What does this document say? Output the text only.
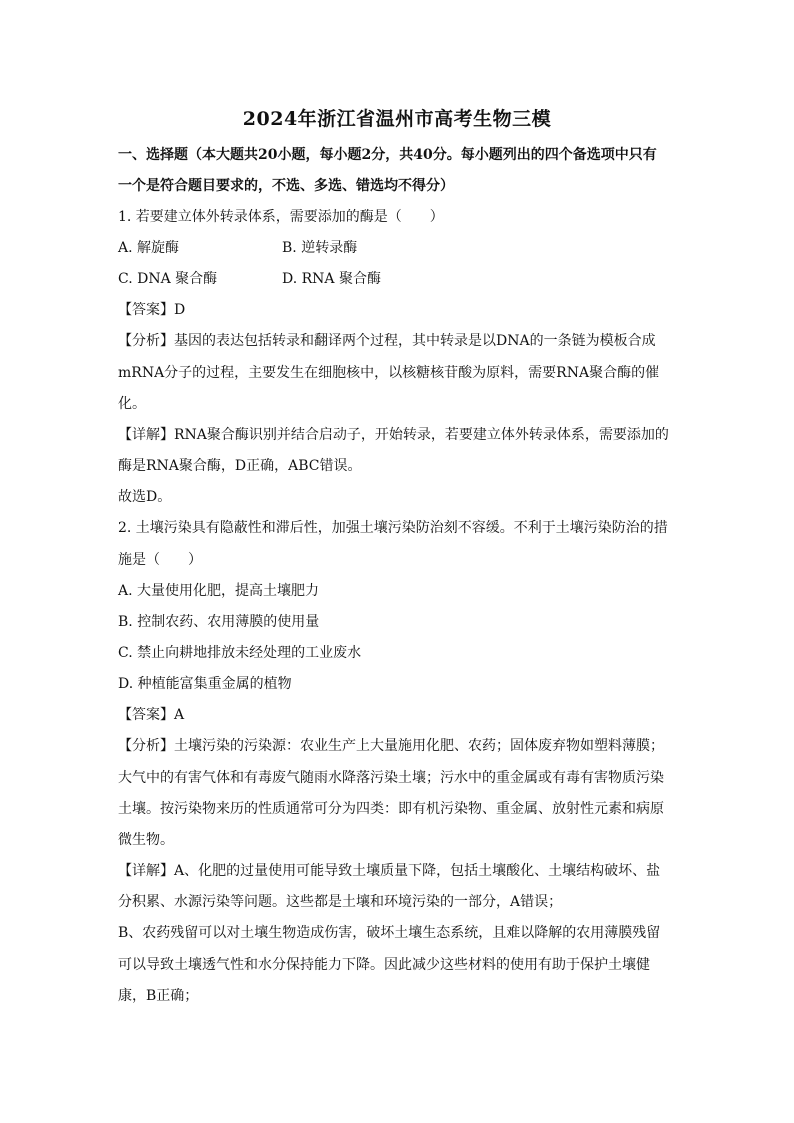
2024年浙江省温州市高考生物三模
一、选择题（本大题共20小题，每小题2分，共40分。每小题列出的四个备选项中只有
一个是符合题目要求的，不选、多选、错选均不得分）
1. 若要建立体外转录体系，需要添加的酶是（　　）
A. 解旋酶	B. 逆转录酶
C. DNA 聚合酶	D. RNA 聚合酶
【答案】D
【分析】基因的表达包括转录和翻译两个过程，其中转录是以DNA的一条链为模板合成
mRNA分子的过程，主要发生在细胞核中，以核糖核苷酸为原料，需要RNA聚合酶的催
化。
【详解】RNA聚合酶识别并结合启动子，开始转录，若要建立体外转录体系，需要添加的
酶是RNA聚合酶，D正确，ABC错误。
故选D。
2. 土壤污染具有隐蔽性和滞后性，加强土壤污染防治刻不容缓。不利于土壤污染防治的措
施是（　　）
A. 大量使用化肥，提高土壤肥力
B. 控制农药、农用薄膜的使用量
C. 禁止向耕地排放未经处理的工业废水
D. 种植能富集重金属的植物
【答案】A
【分析】土壤污染的污染源：农业生产上大量施用化肥、农药；固体废弃物如塑料薄膜；
大气中的有害气体和有毒废气随雨水降落污染土壤；污水中的重金属或有毒有害物质污染
土壤。按污染物来历的性质通常可分为四类：即有机污染物、重金属、放射性元素和病原
微生物。
【详解】A、化肥的过量使用可能导致土壤质量下降，包括土壤酸化、土壤结构破坏、盐
分积累、水源污染等问题。这些都是土壤和环境污染的一部分，A错误；
B、农药残留可以对土壤生物造成伤害，破坏土壤生态系统，且难以降解的农用薄膜残留
可以导致土壤透气性和水分保持能力下降。因此减少这些材料的使用有助于保护土壤健
康，B正确；
